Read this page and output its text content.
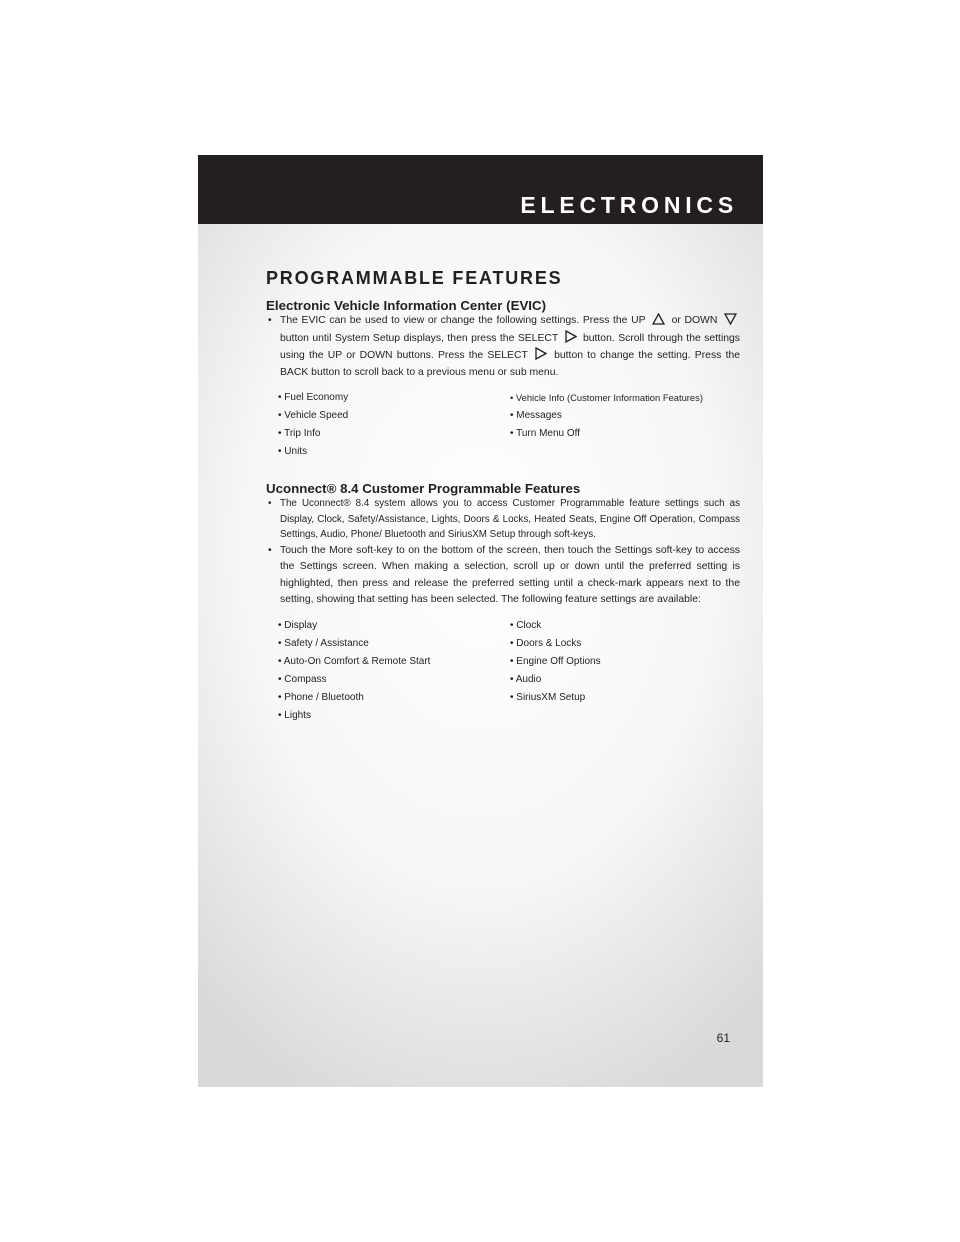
ELECTRONICS
PROGRAMMABLE FEATURES
Electronic Vehicle Information Center (EVIC)

• The EVIC can be used to view or change the following settings. Press the UP	or DOWN  button until System Setup displays, then press the SELECT button. Scroll through the settings using the UP or DOWN buttons. Press the SELECT	button to change the setting. Press the BACK button to scroll back to a previous menu or sub menu.

• Fuel Economy	• Vehicle Info (Customer Information Features)
• Vehicle Speed	• Messages
• Trip Info	• Turn Menu Off
• Units
Uconnect® 8.4 Customer Programmable Features

• The Uconnect® 8.4 system allows you to access Customer Programmable feature settings such as Display, Clock, Safety/Assistance, Lights, Doors & Locks, Heated Seats, Engine Off Operation, Compass Settings, Audio, Phone/ Bluetooth and SiriusXM Setup through soft-keys.

• Touch the More soft-key to on the bottom of the screen, then touch the Settings soft-key to access the Settings screen. When making a selection, scroll up or down until the preferred setting is highlighted, then press and release the preferred setting until a check-mark appears next to the setting, showing that setting has been selected. The following feature settings are available:

• Display	• Clock
• Safety / Assistance	• Doors & Locks
• Auto-On Comfort & Remote Start	• Engine Off Options
• Compass	• Audio
• Phone / Bluetooth	• SiriusXM Setup
• Lights
61
